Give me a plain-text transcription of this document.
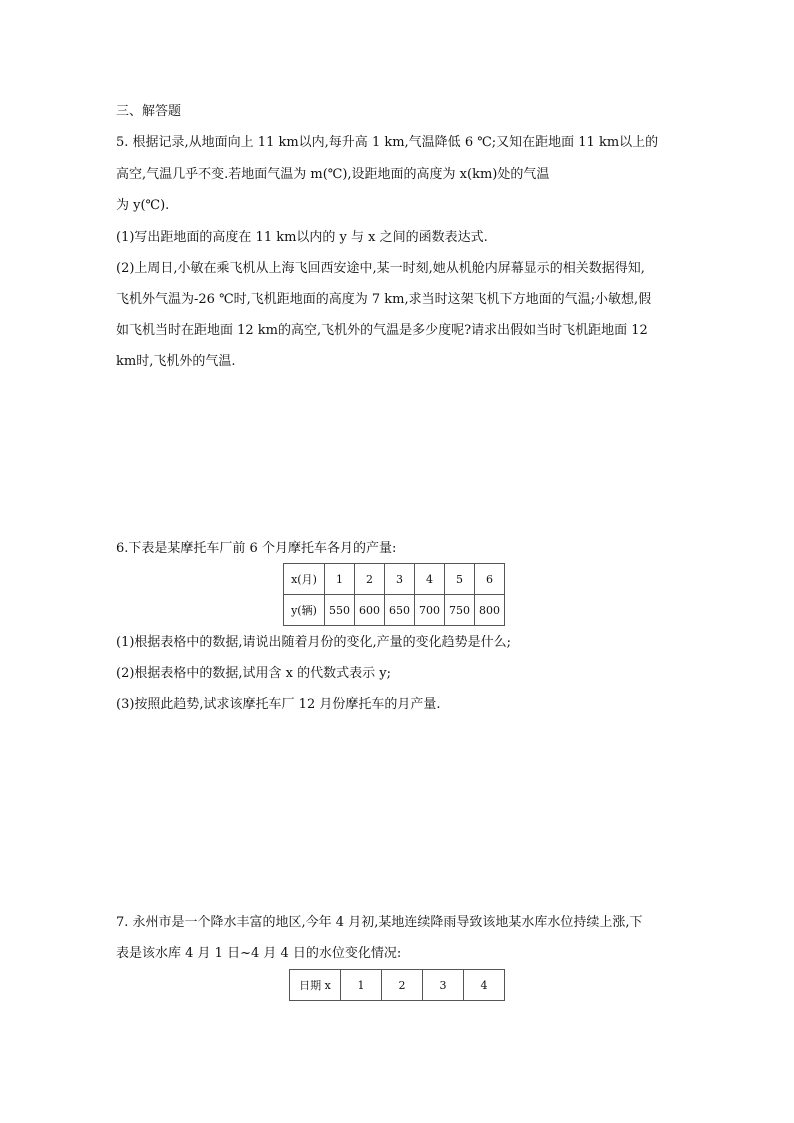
三、解答题
5. 根据记录,从地面向上 11 km以内,每升高 1 km,气温降低 6 ℃;又知在距地面 11 km以上的
高空,气温几乎不变.若地面气温为 m(℃),设距地面的高度为 x(km)处的气温
为 y(℃).
(1)写出距地面的高度在 11 km以内的 y 与 x 之间的函数表达式.
(2)上周日,小敏在乘飞机从上海飞回西安途中,某一时刻,她从机舱内屏幕显示的相关数据得知,
飞机外气温为-26 ℃时,飞机距地面的高度为 7 km,求当时这架飞机下方地面的气温;小敏想,假
如飞机当时在距地面 12 km的高空,飞机外的气温是多少度呢?请求出假如当时飞机距地面 12
km时,飞机外的气温.
6.下表是某摩托车厂前 6 个月摩托车各月的产量:
x(月)	1	2	3	4	5	6
y(辆)	550	600	650	700	750	800
(1)根据表格中的数据,请说出随着月份的变化,产量的变化趋势是什么;
(2)根据表格中的数据,试用含 x 的代数式表示 y;
(3)按照此趋势,试求该摩托车厂 12 月份摩托车的月产量.
7. 永州市是一个降水丰富的地区,今年 4 月初,某地连续降雨导致该地某水库水位持续上涨,下
表是该水库 4 月 1 日~4 月 4 日的水位变化情况:
日期 x	1	2	3	4
